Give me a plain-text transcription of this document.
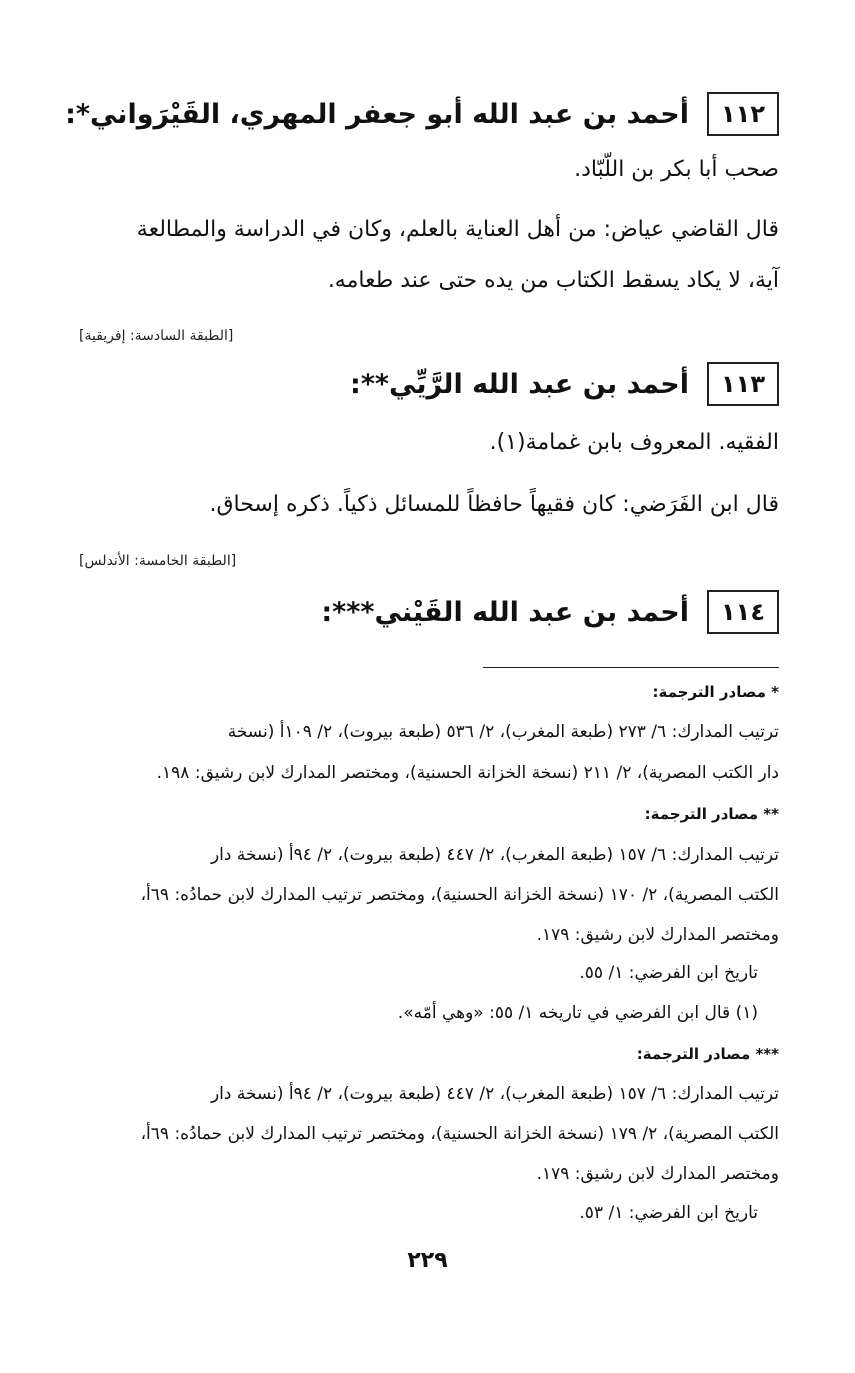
١١٢
أحمد بن عبد الله أبو جعفر المهري، القَيْرَواني*:
صحب أبا بكر بن اللّبّاد.
قال القاضي عياض: من أهل العناية بالعلم، وكان في الدراسة والمطالعة
آية، لا يكاد يسقط الكتاب من يده حتى عند طعامه.
[الطبقة السادسة: إفريقية]
١١٣
أحمد بن عبد الله الرَّيِّي**:
الفقيه. المعروف بابن غمامة(١).
قال ابن الفَرَضي: كان فقيهاً حافظاً للمسائل ذكياً. ذكره إسحاق.
[الطبقة الخامسة: الأندلس]
١١٤
أحمد بن عبد الله القَيْني***:
* مصادر الترجمة:
ترتيب المدارك: ٦/ ٢٧٣ (طبعة المغرب)، ٢/ ٥٣٦ (طبعة بيروت)، ٢/ ١٠٩أ (نسخة
دار الكتب المصرية)، ٢/ ٢١١ (نسخة الخزانة الحسنية)، ومختصر المدارك لابن رشيق: ١٩٨.
** مصادر الترجمة:
ترتيب المدارك: ٦/ ١٥٧ (طبعة المغرب)، ٢/ ٤٤٧ (طبعة بيروت)، ٢/ ٩٤أ (نسخة دار
الكتب المصرية)، ٢/ ١٧٠ (نسخة الخزانة الحسنية)، ومختصر ترتيب المدارك لابن حمادُه: ٦٩أ،
ومختصر المدارك لابن رشيق: ١٧٩.
تاريخ ابن الفرضي: ١/ ٥٥.
(١) قال ابن الفرضي في تاريخه ١/ ٥٥: «وهي أمّه».
*** مصادر الترجمة:
ترتيب المدارك: ٦/ ١٥٧ (طبعة المغرب)، ٢/ ٤٤٧ (طبعة بيروت)، ٢/ ٩٤أ (نسخة دار
الكتب المصرية)، ٢/ ١٧٩ (نسخة الخزانة الحسنية)، ومختصر ترتيب المدارك لابن حمادُه: ٦٩أ،
ومختصر المدارك لابن رشيق: ١٧٩.
تاريخ ابن الفرضي: ١/ ٥٣.
٢٢٩
